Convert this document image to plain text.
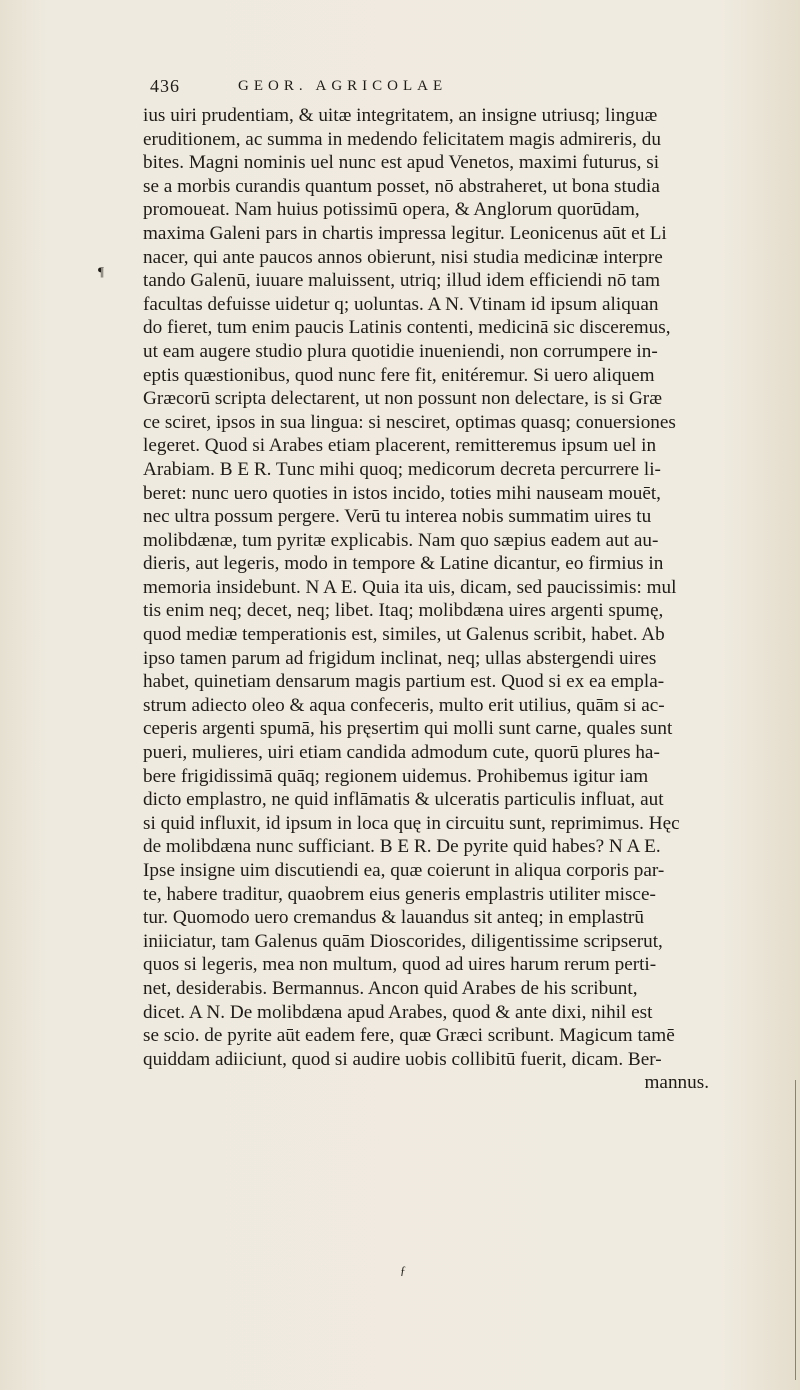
436	GEOR. AGRICOLAE
¶
ius uiri prudentiam, & uitæ integritatem, an insigne utriusq; linguæ
eruditionem, ac summa in medendo felicitatem magis admireris, du
bites. Magni nominis uel nunc est apud Venetos, maximi futurus, si
se a morbis curandis quantum posset, nō abstraheret, ut bona studia
promoueat. Nam huius potissimū opera, & Anglorum quorūdam,
maxima Galeni pars in chartis impressa legitur. Leonicenus aūt et Li
nacer, qui ante paucos annos obierunt, nisi studia medicinæ interpre
tando Galenū, iuuare maluissent, utriq; illud idem efficiendi nō tam
facultas defuisse uidetur q; uoluntas. A N. Vtinam id ipsum aliquan
do fieret, tum enim paucis Latinis contenti, medicinā sic disceremus,
ut eam augere studio plura quotidie inueniendi, non corrumpere in-
eptis quæstionibus, quod nunc fere fit, enitéremur. Si uero aliquem
Græcorū scripta delectarent, ut non possunt non delectare, is si Græ
ce sciret, ipsos in sua lingua: si nesciret, optimas quasq; conuersiones
legeret. Quod si Arabes etiam placerent, remitteremus ipsum uel in
Arabiam. B E R. Tunc mihi quoq; medicorum decreta percurrere li-
beret: nunc uero quoties in istos incido, toties mihi nauseam mouēt,
nec ultra possum pergere. Verū tu interea nobis summatim uires tu
molibdænæ, tum pyritæ explicabis. Nam quo sæpius eadem aut au-
dieris, aut legeris, modo in tempore & Latine dicantur, eo firmius in
memoria insidebunt. N A E. Quia ita uis, dicam, sed paucissimis: mul
tis enim neq; decet, neq; libet. Itaq; molibdæna uires argenti spumę,
quod mediæ temperationis est, similes, ut Galenus scribit, habet. Ab
ipso tamen parum ad frigidum inclinat, neq; ullas abstergendi uires
habet, quinetiam densarum magis partium est. Quod si ex ea empla-
strum adiecto oleo & aqua confeceris, multo erit utilius, quām si ac-
ceperis argenti spumā, his pręsertim qui molli sunt carne, quales sunt
pueri, mulieres, uiri etiam candida admodum cute, quorū plures ha-
bere frigidissimā quāq; regionem uidemus. Prohibemus igitur iam
dicto emplastro, ne quid inflāmatis & ulceratis particulis influat, aut
si quid influxit, id ipsum in loca quę in circuitu sunt, reprimimus. Hęc
de molibdæna nunc sufficiant. B E R. De pyrite quid habes? N A E.
Ipse insigne uim discutiendi ea, quæ coierunt in aliqua corporis par-
te, habere traditur, quaobrem eius generis emplastris utiliter misce-
tur. Quomodo uero cremandus & lauandus sit anteq; in emplastrū
iniiciatur, tam Galenus quām Dioscorides, diligentissime scripserut,
quos si legeris, mea non multum, quod ad uires harum rerum perti-
net, desiderabis. Bermannus. Ancon quid Arabes de his scribunt,
dicet. A N. De molibdæna apud Arabes, quod & ante dixi, nihil est
se scio. de pyrite aūt eadem fere, quæ Græci scribunt. Magicum tamē
quiddam adiiciunt, quod si audire uobis collibitū fuerit, dicam. Ber-
mannus.
ƒ
